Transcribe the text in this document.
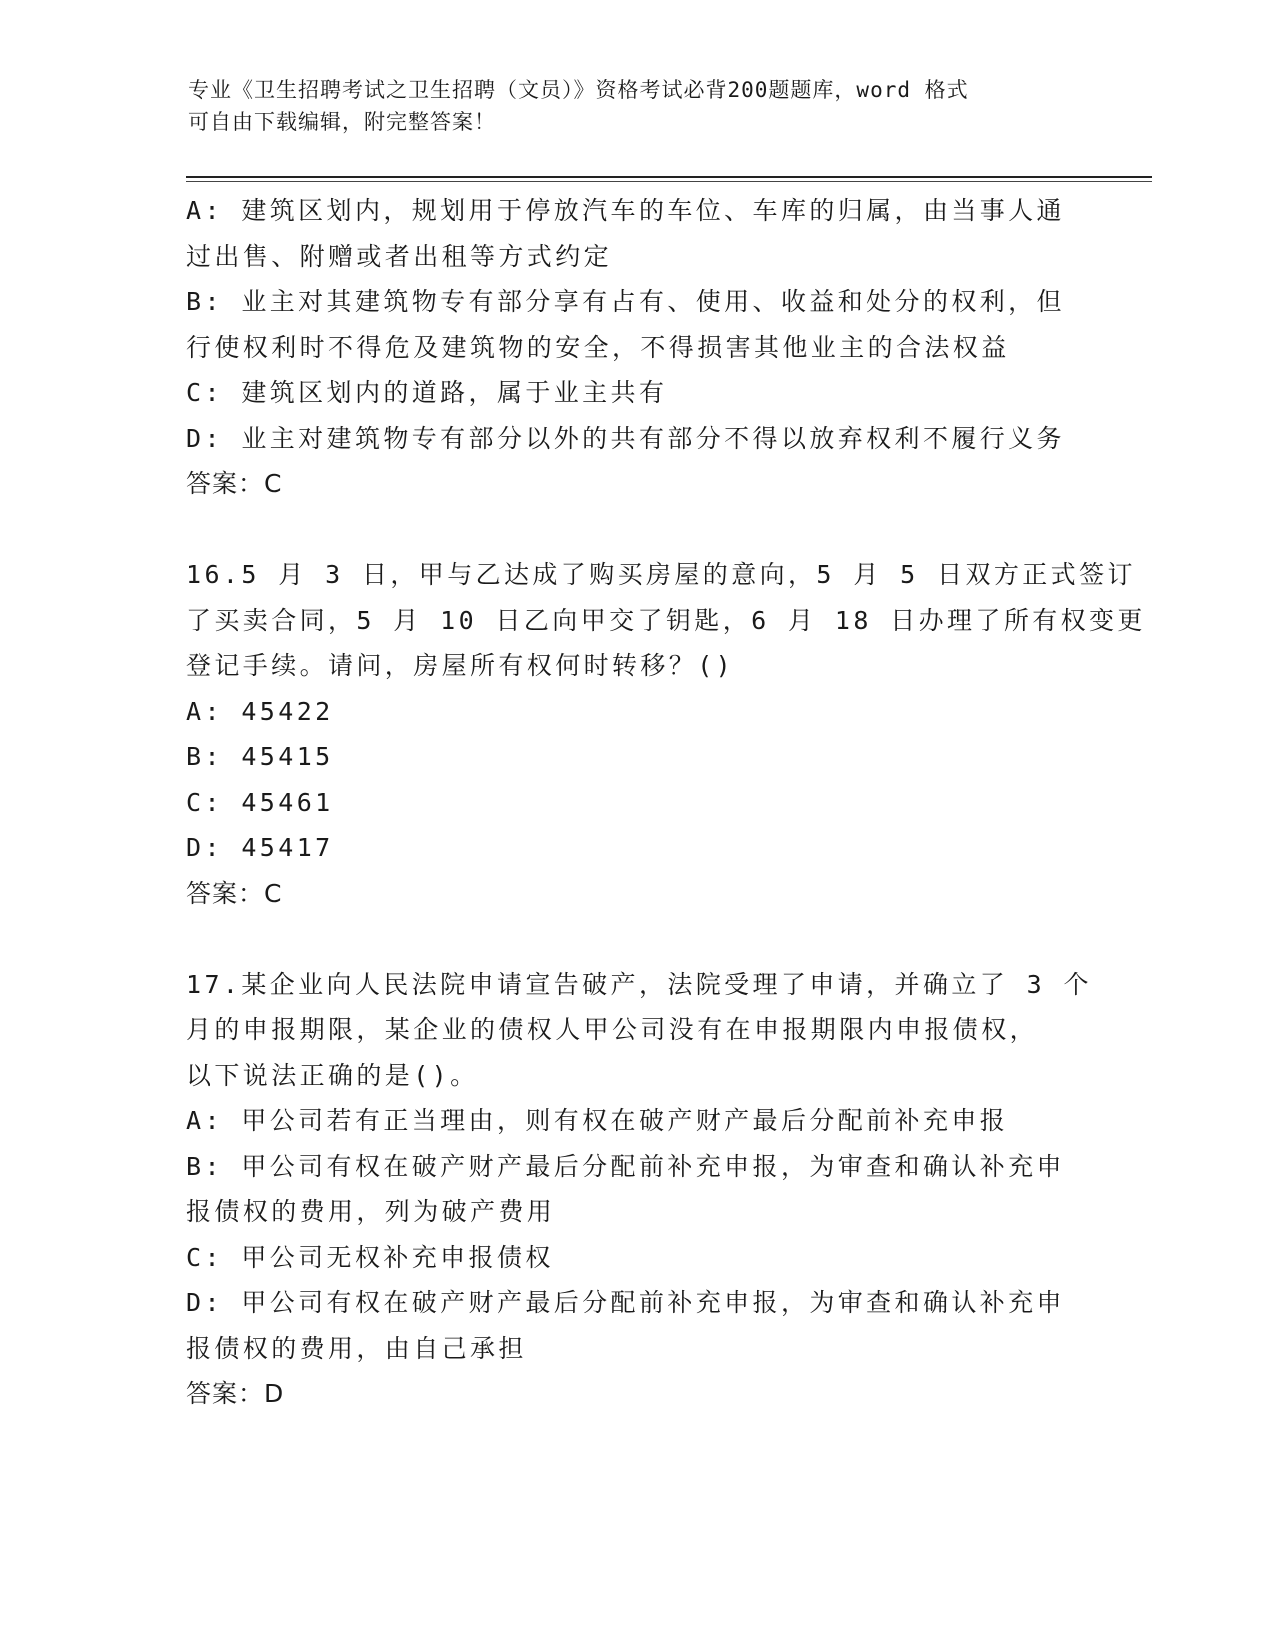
专业《卫生招聘考试之卫生招聘（文员）》资格考试必背200题题库，word 格式
可自由下载编辑，附完整答案！
A: 建筑区划内，规划用于停放汽车的车位、车库的归属，由当事人通
过出售、附赠或者出租等方式约定
B: 业主对其建筑物专有部分享有占有、使用、收益和处分的权利，但
行使权利时不得危及建筑物的安全，不得损害其他业主的合法权益
C: 建筑区划内的道路，属于业主共有
D: 业主对建筑物专有部分以外的共有部分不得以放弃权利不履行义务
答案：C
16.5 月 3 日，甲与乙达成了购买房屋的意向，5 月 5 日双方正式签订
了买卖合同，5 月 10 日乙向甲交了钥匙，6 月 18 日办理了所有权变更
登记手续。请问，房屋所有权何时转移？()
A: 45422
B: 45415
C: 45461
D: 45417
答案：C
17.某企业向人民法院申请宣告破产，法院受理了申请，并确立了 3 个
月的申报期限，某企业的债权人甲公司没有在申报期限内申报债权，
以下说法正确的是()。
A: 甲公司若有正当理由，则有权在破产财产最后分配前补充申报
B: 甲公司有权在破产财产最后分配前补充申报，为审查和确认补充申
报债权的费用，列为破产费用
C: 甲公司无权补充申报债权
D: 甲公司有权在破产财产最后分配前补充申报，为审查和确认补充申
报债权的费用，由自己承担
答案：D
